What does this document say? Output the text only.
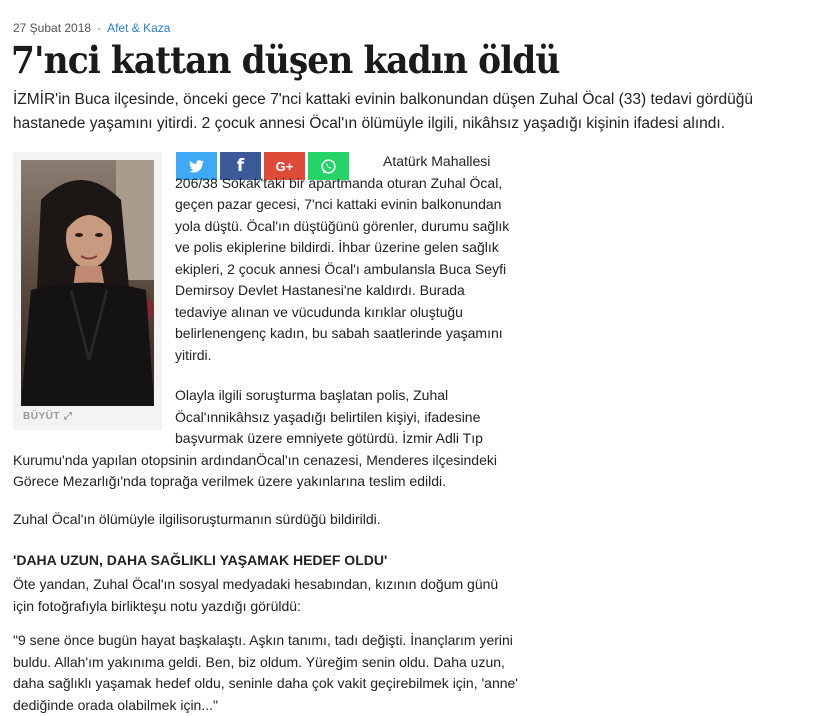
27 Şubat 2018 - Afet & Kaza
7'nci kattan düşen kadın öldü

İZMİR'in Buca ilçesinde, önceki gece 7'nci kattaki evinin balkonundan düşen Zuhal Öcal (33) tedavi gördüğü hastanede yaşamını yitirdi. 2 çocuk annesi Öcal'ın ölümüyle ilgili, nikâhsız yaşadığı kişinin ifadesi alındı.

BÜYÜT ⤢
f G+	Atatürk Mahallesi 206/38 Sokak'taki bir apartmanda oturan Zuhal Öcal, geçen pazar gecesi, 7'nci kattaki evinin balkonundan yola düştü. Öcal'ın düştüğünü görenler, durumu sağlık ve polis ekiplerine bildirdi. İhbar üzerine gelen sağlık ekipleri, 2 çocuk annesi Öcal'ı ambulansla Buca Seyfi Demirsoy Devlet Hastanesi'ne kaldırdı. Burada tedaviye alınan ve vücudunda kırıklar oluştuğu belirlenengenç kadın, bu sabah saatlerinde yaşamını yitirdi.

Olayla ilgili soruşturma başlatan polis, Zuhal Öcal'ınnikâhsız yaşadığı belirtilen kişiyi, ifadesine başvurmak üzere emniyete götürdü. İzmir Adli Tıp Kurumu'nda yapılan otopsinin ardındanÖcal'ın cenazesi, Menderes ilçesindeki Görece Mezarlığı'nda toprağa verilmek üzere yakınlarına teslim edildi.

Zuhal Öcal'ın ölümüyle ilgilisoruşturmanın sürdüğü bildirildi.

'DAHA UZUN, DAHA SAĞLIKLI YAŞAMAK HEDEF OLDU'

Öte yandan, Zuhal Öcal'ın sosyal medyadaki hesabından, kızının doğum günü için fotoğrafıyla birlikteşu notu yazdığı görüldü:

"9 sene önce bugün hayat başkalaştı. Aşkın tanımı, tadı değişti. İnançlarım yerini buldu. Allah'ım yakınıma geldi. Ben, biz oldum. Yüreğim senin oldu. Daha uzun, daha sağlıklı yaşamak hedef oldu, seninle daha çok vakit geçirebilmek için, 'anne' dediğinde orada olabilmek için..."
